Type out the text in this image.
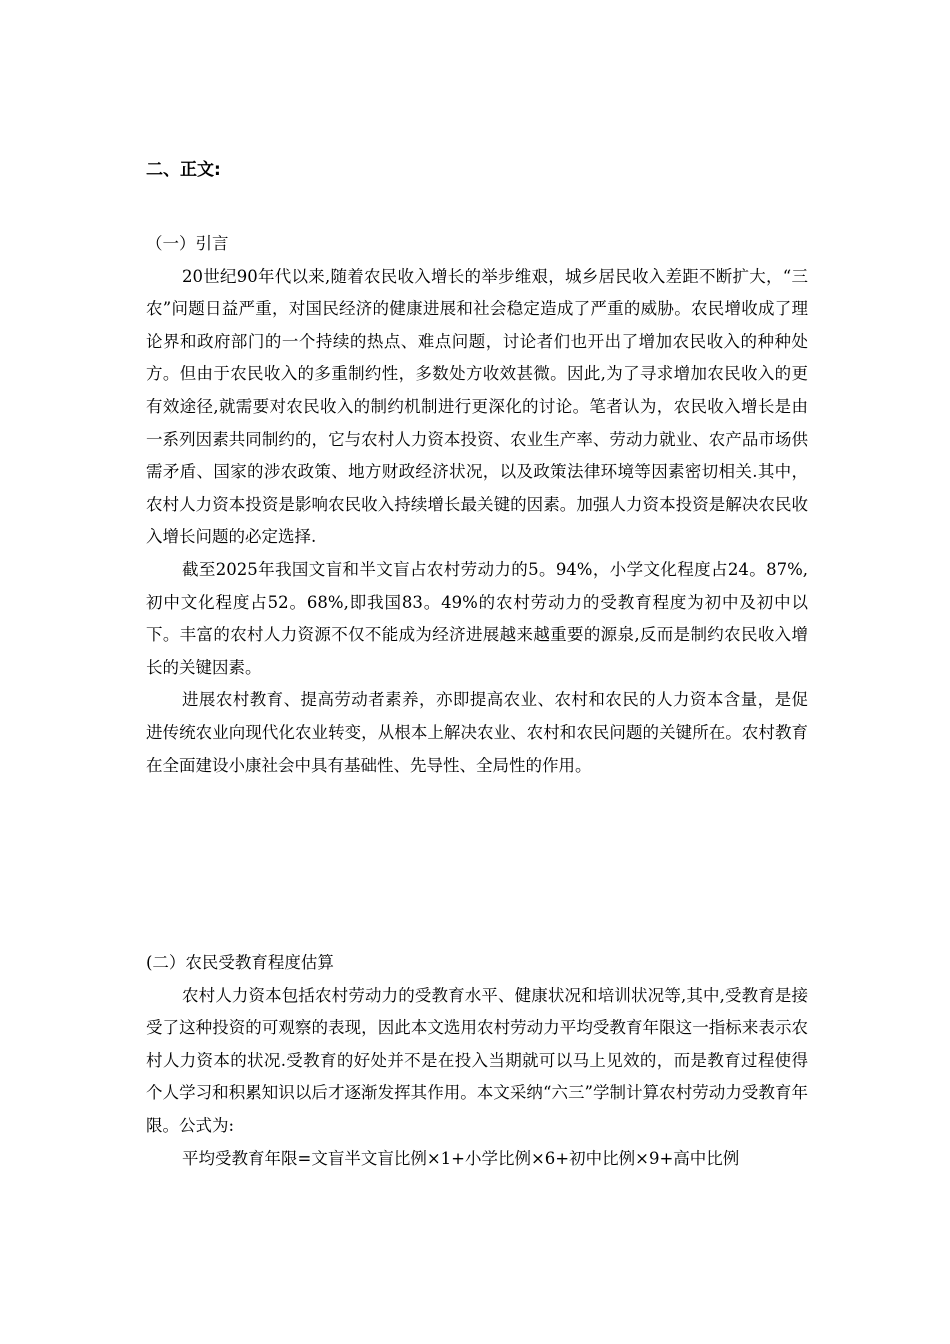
二、正文:

（一）引言

20世纪90年代以来,随着农民收入增长的举步维艰，城乡居民收入差距不断扩大，“三农”问题日益严重，对国民经济的健康进展和社会稳定造成了严重的威胁。农民增收成了理论界和政府部门的一个持续的热点、难点问题，讨论者们也开出了增加农民收入的种种处方。但由于农民收入的多重制约性，多数处方收效甚微。因此,为了寻求增加农民收入的更有效途径,就需要对农民收入的制约机制进行更深化的讨论。笔者认为，农民收入增长是由一系列因素共同制约的，它与农村人力资本投资、农业生产率、劳动力就业、农产品市场供需矛盾、国家的涉农政策、地方财政经济状况，以及政策法律环境等因素密切相关.其中，农村人力资本投资是影响农民收入持续增长最关键的因素。加强人力资本投资是解决农民收入增长问题的必定选择.

截至2025年我国文盲和半文盲占农村劳动力的5。94%，小学文化程度占24。87%,初中文化程度占52。68%,即我国83。49%的农村劳动力的受教育程度为初中及初中以下。丰富的农村人力资源不仅不能成为经济进展越来越重要的源泉,反而是制约农民收入增长的关键因素。

进展农村教育、提高劳动者素养，亦即提高农业、农村和农民的人力资本含量，是促进传统农业向现代化农业转变，从根本上解决农业、农村和农民问题的关键所在。农村教育在全面建设小康社会中具有基础性、先导性、全局性的作用。

(二）农民受教育程度估算

农村人力资本包括农村劳动力的受教育水平、健康状况和培训状况等,其中,受教育是接受了这种投资的可观察的表现，因此本文选用农村劳动力平均受教育年限这一指标来表示农村人力资本的状况.受教育的好处并不是在投入当期就可以马上见效的，而是教育过程使得个人学习和积累知识以后才逐渐发挥其作用。本文采纳“六三”学制计算农村劳动力受教育年限。公式为:

平均受教育年限=文盲半文盲比例×1+小学比例×6+初中比例×9+高中比例
